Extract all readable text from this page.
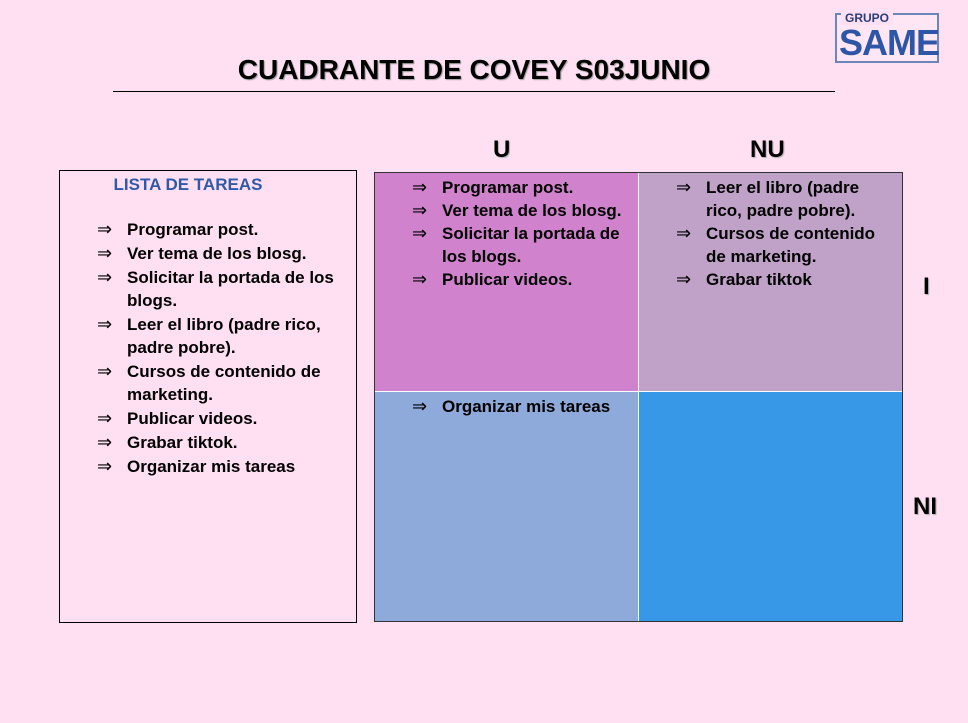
GRUPO
SAME
CUADRANTE DE COVEY S03JUNIO
U	NU
I
NI
LISTA DE TAREAS
⇒ Programar post.
⇒ Ver tema de los blosg.
⇒ Solicitar la portada de los blogs.
⇒ Leer el libro (padre rico, padre pobre).
⇒ Cursos de contenido de marketing.
⇒ Publicar videos.
⇒ Grabar tiktok.
⇒ Organizar mis tareas
⇒ Programar post.
⇒ Ver tema de los blosg.
⇒ Solicitar la portada de los blogs.
⇒ Publicar videos.
⇒ Leer el libro (padre rico, padre pobre).
⇒ Cursos de contenido de marketing.
⇒ Grabar tiktok
⇒ Organizar mis tareas
